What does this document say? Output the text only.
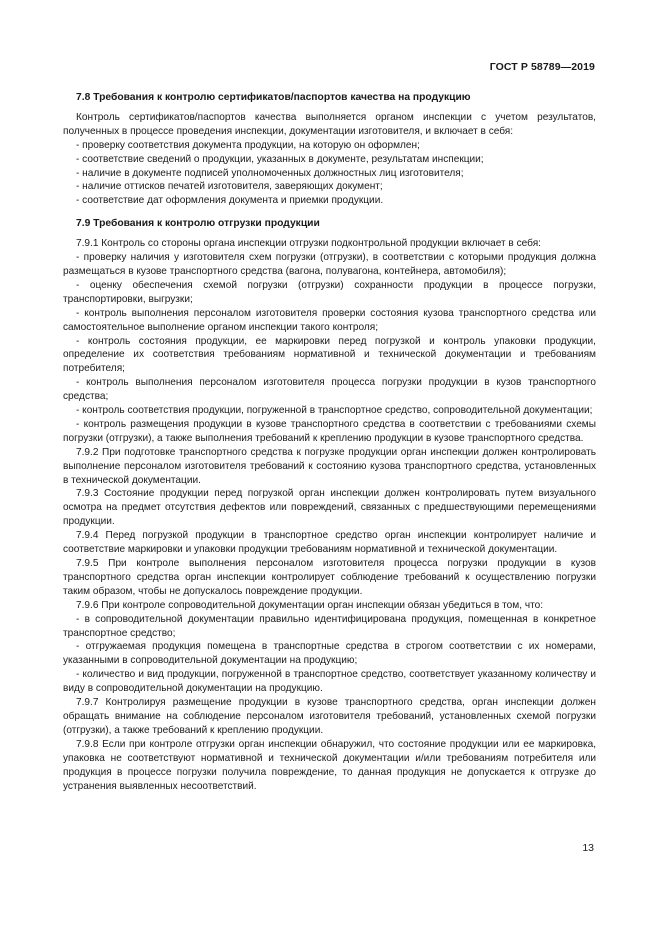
ГОСТ Р 58789—2019
7.8 Требования к контролю сертификатов/паспортов качества на продукцию

Контроль сертификатов/паспортов качества выполняется органом инспекции с учетом результатов, полученных в процессе проведения инспекции, документации изготовителя, и включает в себя:

- проверку соответствия документа продукции, на которую он оформлен;

- соответствие сведений о продукции, указанных в документе, результатам инспекции;

- наличие в документе подписей уполномоченных должностных лиц изготовителя;

- наличие оттисков печатей изготовителя, заверяющих документ;

- соответствие дат оформления документа и приемки продукции.

7.9 Требования к контролю отгрузки продукции

7.9.1 Контроль со стороны органа инспекции отгрузки подконтрольной продукции включает в себя:

- проверку наличия у изготовителя схем погрузки (отгрузки), в соответствии с которыми продукция должна размещаться в кузове транспортного средства (вагона, полувагона, контейнера, автомобиля);

- оценку обеспечения схемой погрузки (отгрузки) сохранности продукции в процессе погрузки, транспортировки, выгрузки;

- контроль выполнения персоналом изготовителя проверки состояния кузова транспортного средства или самостоятельное выполнение органом инспекции такого контроля;

- контроль состояния продукции, ее маркировки перед погрузкой и контроль упаковки продукции, определение их соответствия требованиям нормативной и технической документации и требованиям потребителя;

- контроль выполнения персоналом изготовителя процесса погрузки продукции в кузов транспортного средства;

- контроль соответствия продукции, погруженной в транспортное средство, сопроводительной документации;

- контроль размещения продукции в кузове транспортного средства в соответствии с требованиями схемы погрузки (отгрузки), а также выполнения требований к креплению продукции в кузове транспортного средства.

7.9.2 При подготовке транспортного средства к погрузке продукции орган инспекции должен контролировать выполнение персоналом изготовителя требований к состоянию кузова транспортного средства, установленных в технической документации.

7.9.3 Состояние продукции перед погрузкой орган инспекции должен контролировать путем визуального осмотра на предмет отсутствия дефектов или повреждений, связанных с предшествующими перемещениями продукции.

7.9.4 Перед погрузкой продукции в транспортное средство орган инспекции контролирует наличие и соответствие маркировки и упаковки продукции требованиям нормативной и технической документации.

7.9.5 При контроле выполнения персоналом изготовителя процесса погрузки продукции в кузов транспортного средства орган инспекции контролирует соблюдение требований к осуществлению погрузки таким образом, чтобы не допускалось повреждение продукции.

7.9.6 При контроле сопроводительной документации орган инспекции обязан убедиться в том, что:

- в сопроводительной документации правильно идентифицирована продукция, помещенная в конкретное транспортное средство;

- отгружаемая продукция помещена в транспортные средства в строгом соответствии с их номерами, указанными в сопроводительной документации на продукцию;

- количество и вид продукции, погруженной в транспортное средство, соответствует указанному количеству и виду в сопроводительной документации на продукцию.

7.9.7 Контролируя размещение продукции в кузове транспортного средства, орган инспекции должен обращать внимание на соблюдение персоналом изготовителя требований, установленных схемой погрузки (отгрузки), а также требований к креплению продукции.

7.9.8 Если при контроле отгрузки орган инспекции обнаружил, что состояние продукции или ее маркировка, упаковка не соответствуют нормативной и технической документации и/или требованиям потребителя или продукция в процессе погрузки получила повреждение, то данная продукция не допускается к отгрузке до устранения выявленных несоответствий.

13
